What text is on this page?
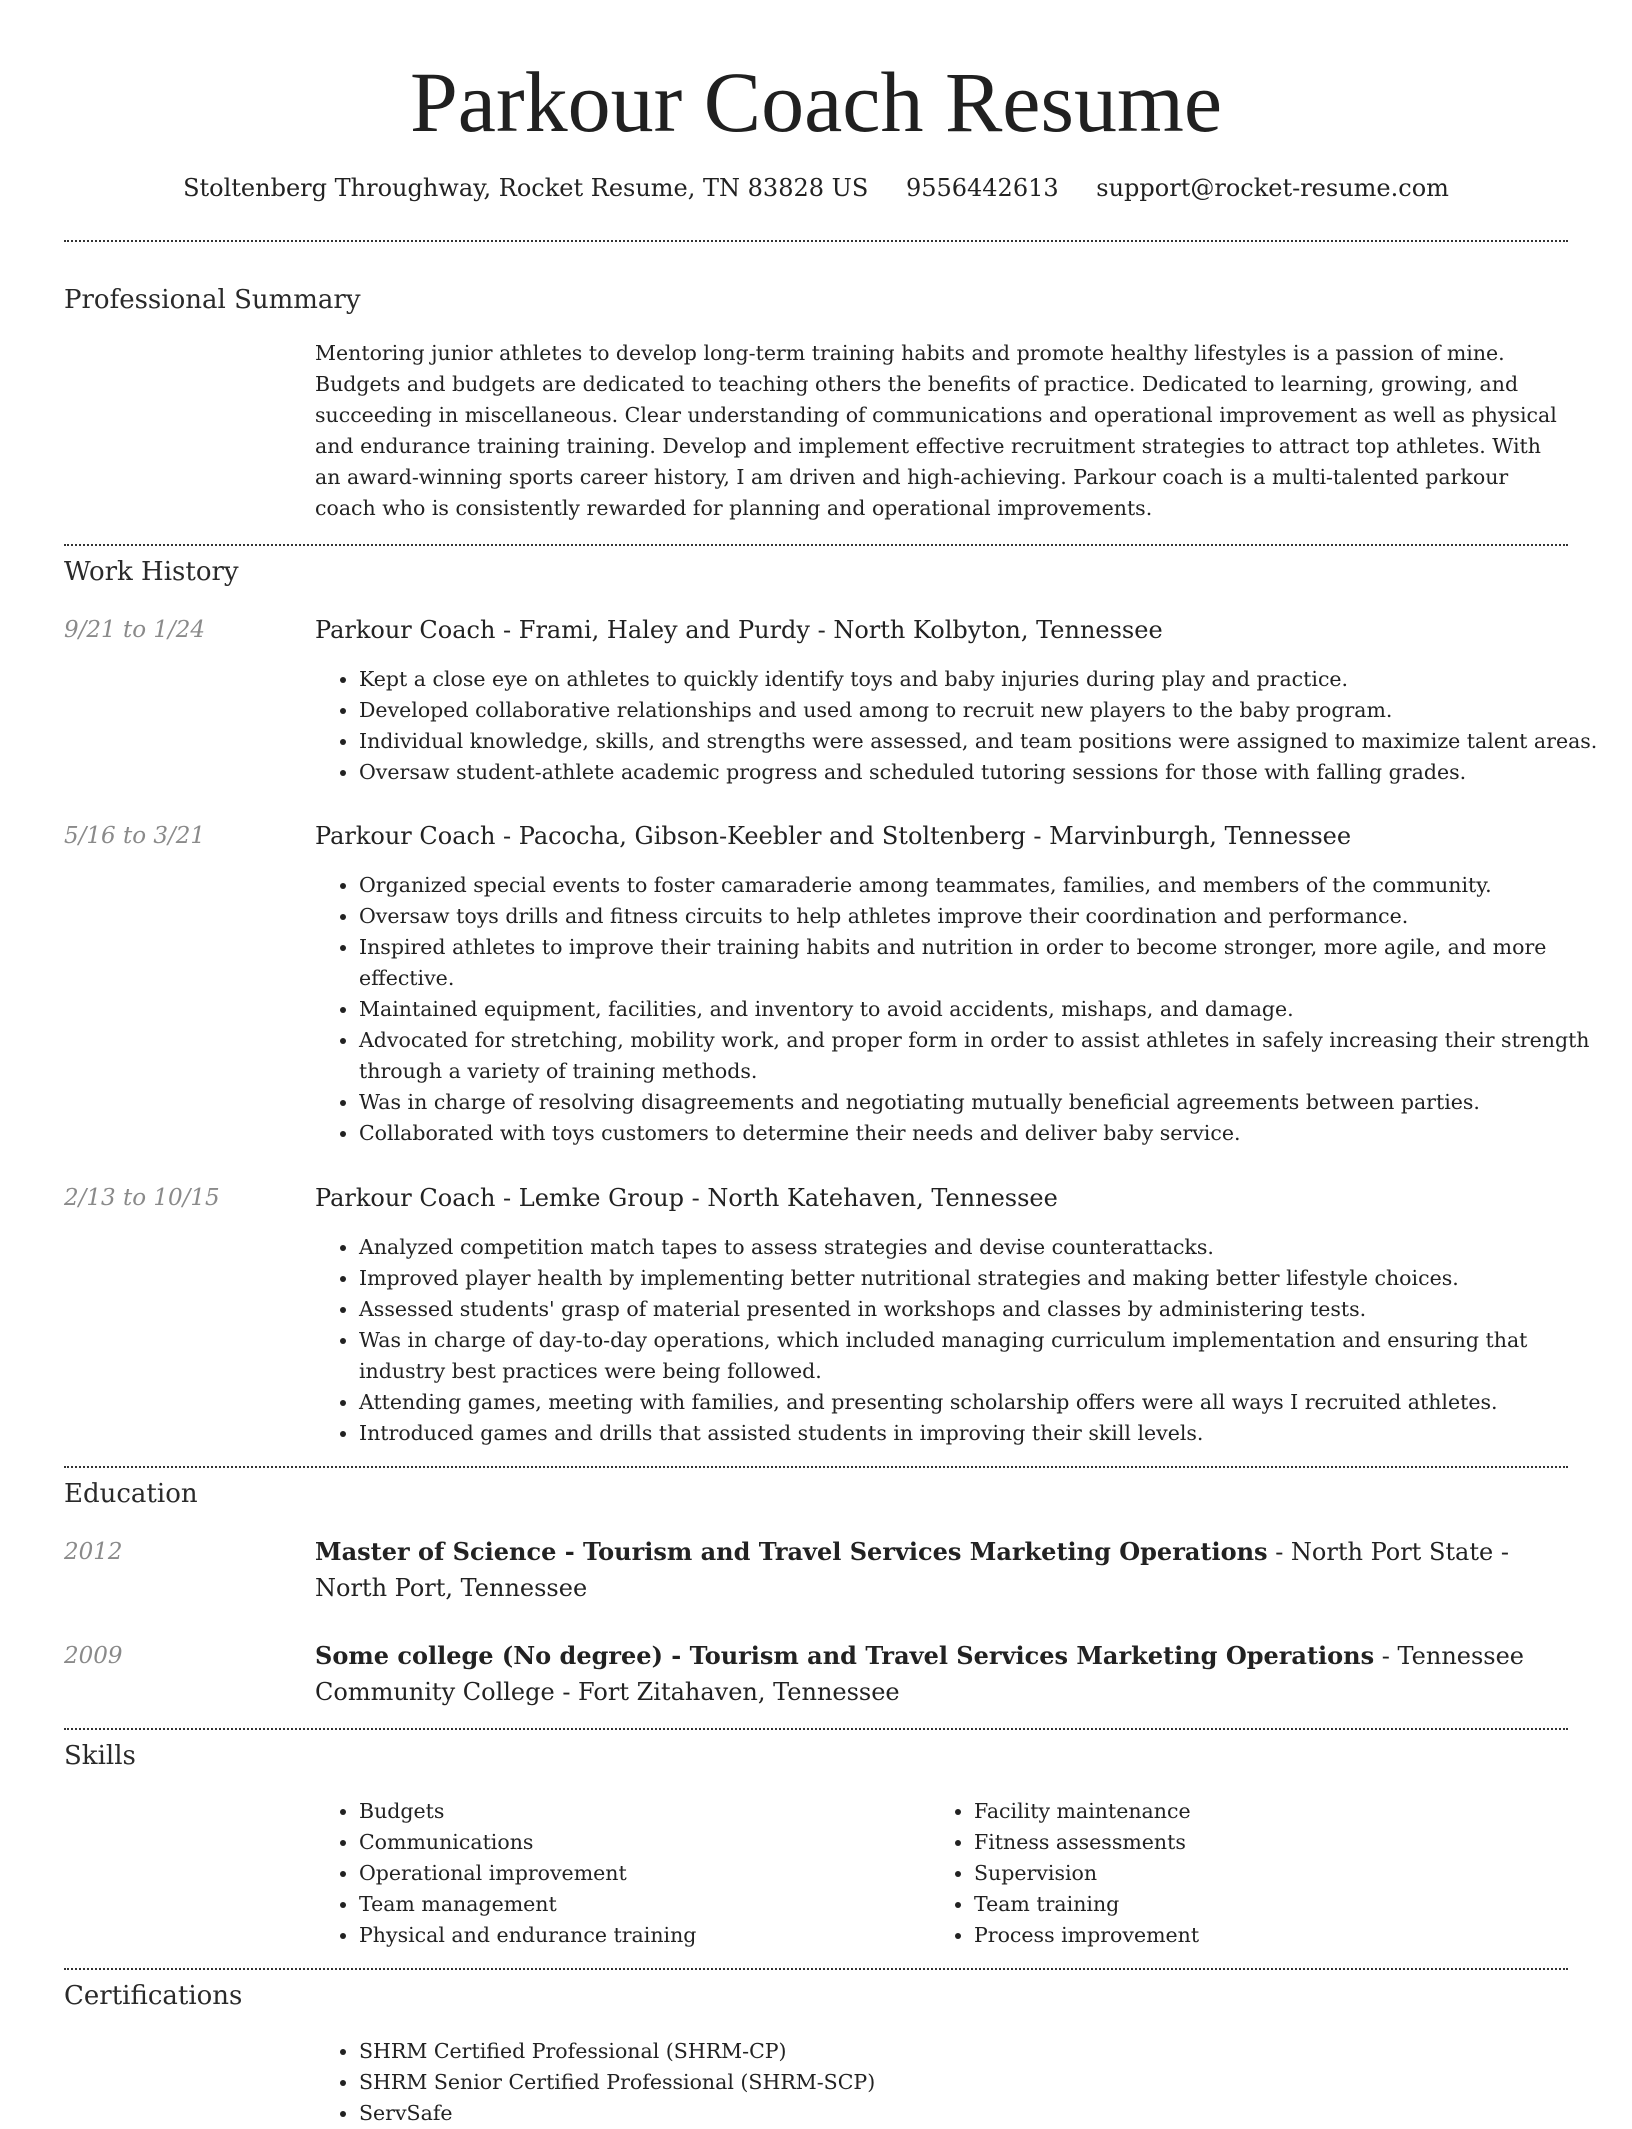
Parkour Coach Resume
Stoltenberg Throughway, Rocket Resume, TN 83828 US 9556442613 support@rocket-resume.com
Professional Summary

Mentoring junior athletes to develop long-term training habits and promote healthy lifestyles is a passion of mine. Budgets and budgets are dedicated to teaching others the benefits of practice. Dedicated to learning, growing, and succeeding in miscellaneous. Clear understanding of communications and operational improvement as well as physical and endurance training training. Develop and implement effective recruitment strategies to attract top athletes. With an award-winning sports career history, I am driven and high-achieving. Parkour coach is a multi-talented parkour coach who is consistently rewarded for planning and operational improvements.

Work History
9/21 to 1/24	Parkour Coach - Frami, Haley and Purdy - North Kolbyton, Tennessee
• Kept a close eye on athletes to quickly identify toys and baby injuries during play and practice.
• Developed collaborative relationships and used among to recruit new players to the baby program.
• Individual knowledge, skills, and strengths were assessed, and team positions were assigned to maximize talent areas.
• Oversaw student-athlete academic progress and scheduled tutoring sessions for those with falling grades.
5/16 to 3/21	Parkour Coach - Pacocha, Gibson-Keebler and Stoltenberg - Marvinburgh, Tennessee
• Organized special events to foster camaraderie among teammates, families, and members of the community.
• Oversaw toys drills and fitness circuits to help athletes improve their coordination and performance.
• Inspired athletes to improve their training habits and nutrition in order to become stronger, more agile, and more effective.
• Maintained equipment, facilities, and inventory to avoid accidents, mishaps, and damage.
• Advocated for stretching, mobility work, and proper form in order to assist athletes in safely increasing their strength through a variety of training methods.
• Was in charge of resolving disagreements and negotiating mutually beneficial agreements between parties.
• Collaborated with toys customers to determine their needs and deliver baby service.
2/13 to 10/15	Parkour Coach - Lemke Group - North Katehaven, Tennessee
• Analyzed competition match tapes to assess strategies and devise counterattacks.
• Improved player health by implementing better nutritional strategies and making better lifestyle choices.
• Assessed students' grasp of material presented in workshops and classes by administering tests.
• Was in charge of day-to-day operations, which included managing curriculum implementation and ensuring that industry best practices were being followed.
• Attending games, meeting with families, and presenting scholarship offers were all ways I recruited athletes.
• Introduced games and drills that assisted students in improving their skill levels.
Education
2012	Master of Science - Tourism and Travel Services Marketing Operations - North Port State - North Port, Tennessee
2009	Some college (No degree) - Tourism and Travel Services Marketing Operations - Tennessee Community College - Fort Zitahaven, Tennessee
Skills
• Budgets
• Communications
• Operational improvement
• Team management
• Physical and endurance training
• Facility maintenance
• Fitness assessments
• Supervision
• Team training
• Process improvement
Certifications
• SHRM Certified Professional (SHRM-CP)
• SHRM Senior Certified Professional (SHRM-SCP)
• ServSafe
